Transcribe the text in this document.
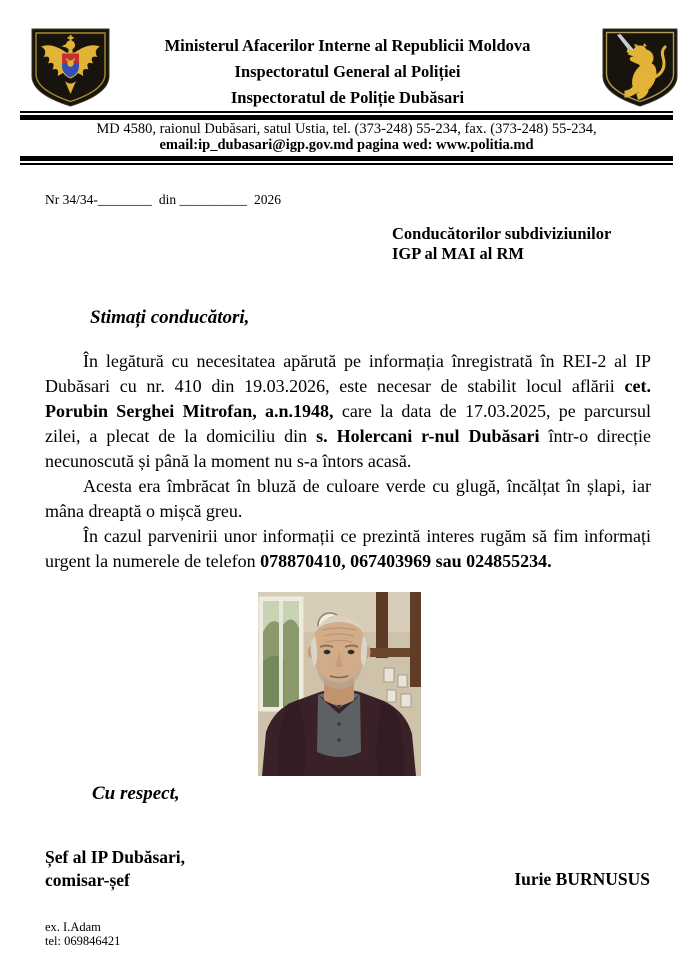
Ministerul Afacerilor Interne al Republicii Moldova
Inspectoratul General al Poliției
Inspectoratul de Poliție Dubăsari
MD 4580, raionul Dubăsari, satul Ustia, tel. (373-248) 55-234, fax. (373-248) 55-234,
email:ip_dubasari@igp.gov.md pagina wed: www.politia.md
Nr 34/34-________ din __________ 2026
Conducătorilor subdiviziunilor
IGP al MAI al RM
Stimați conducători,

În legătură cu necesitatea apărută pe informația înregistrată în REI-2 al IP Dubăsari cu nr. 410 din 19.03.2026, este necesar de stabilit locul aflării cet. Porubin Serghei Mitrofan, a.n.1948, care la data de 17.03.2025, pe parcursul zilei, a plecat de la domiciliu din s. Holercani r-nul Dubăsari într-o direcție necunoscută și până la moment nu s-a întors acasă.

Acesta era îmbrăcat în bluză de culoare verde cu glugă, încălțat în șlapi, iar mâna dreaptă o mișcă greu.

În cazul parvenirii unor informații ce prezintă interes rugăm să fim informați urgent la numerele de telefon 078870410, 067403969 sau 024855234.

Cu respect,
Șef al IP Dubăsari,
comisar-șef	Iurie BURNUSUS
ex. I.Adam
tel: 069846421
